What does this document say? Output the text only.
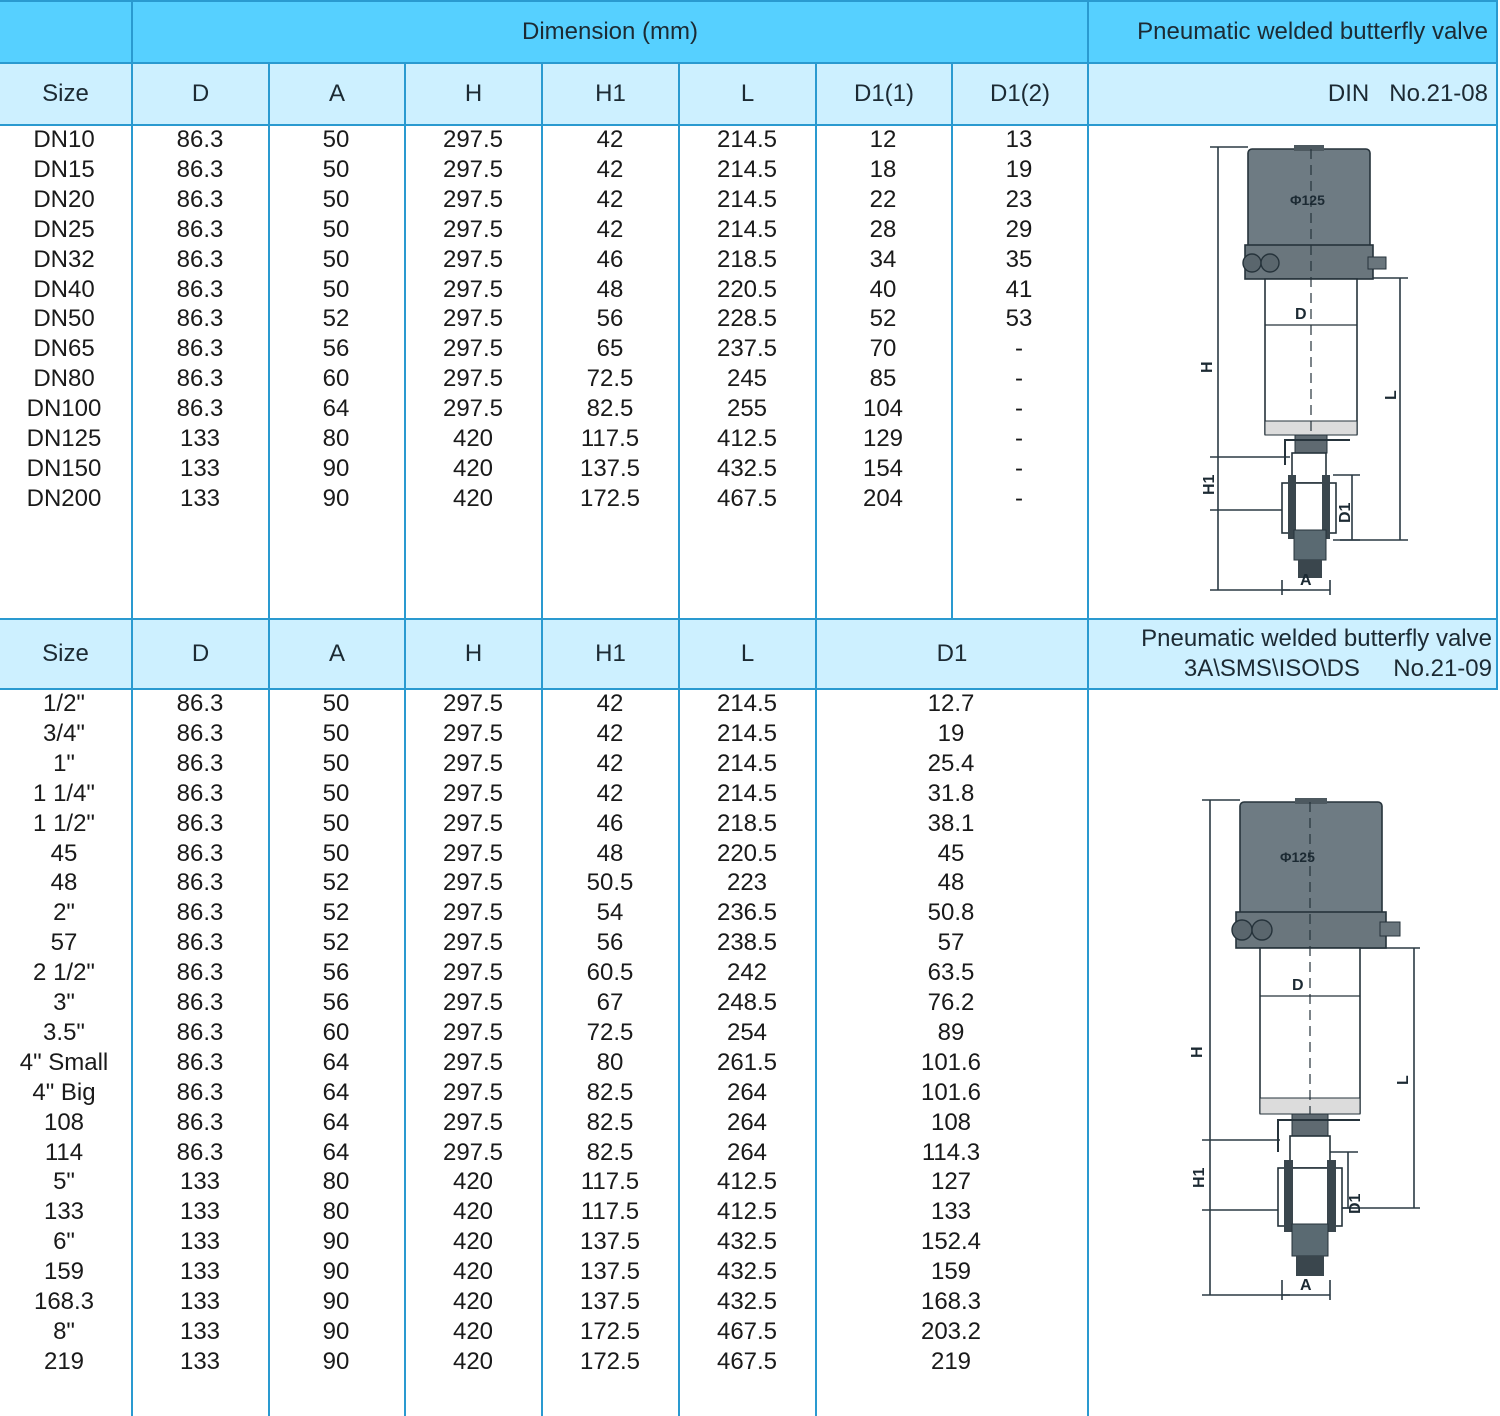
Dimension (mm)	Pneumatic welded butterfly valve
Size	D	A	H	H1	L	D1(1)	D1(2)	DIN No.21-08
DN10	86.3	50	297.5	42	214.5	12	13
DN15	86.3	50	297.5	42	214.5	18	19
DN20	86.3	50	297.5	42	214.5	22	23
DN25	86.3	50	297.5	42	214.5	28	29
DN32	86.3	50	297.5	46	218.5	34	35
DN40	86.3	50	297.5	48	220.5	40	41
DN50	86.3	52	297.5	56	228.5	52	53
DN65	86.3	56	297.5	65	237.5	70	-
DN80	86.3	60	297.5	72.5	245	85	-
DN100	86.3	64	297.5	82.5	255	104	-
DN125	133	80	420	117.5	412.5	129	-
DN150	133	90	420	137.5	432.5	154	-
DN200	133	90	420	172.5	467.5	204	-
Size	D	A	H	H1	L	D1
Pneumatic welded butterfly valve
3A\SMS\ISO\DS     No.21-09
1/2"	86.3	50	297.5	42	214.5	12.7
3/4"	86.3	50	297.5	42	214.5	19
1"	86.3	50	297.5	42	214.5	25.4
1 1/4"	86.3	50	297.5	42	214.5	31.8
1 1/2"	86.3	50	297.5	46	218.5	38.1
45	86.3	50	297.5	48	220.5	45
48	86.3	52	297.5	50.5	223	48
2"	86.3	52	297.5	54	236.5	50.8
57	86.3	52	297.5	56	238.5	57
2 1/2"	86.3	56	297.5	60.5	242	63.5
3"	86.3	56	297.5	67	248.5	76.2
3.5"	86.3	60	297.5	72.5	254	89
4" Small	86.3	64	297.5	80	261.5	101.6
4" Big	86.3	64	297.5	82.5	264	101.6
108	86.3	64	297.5	82.5	264	108
114	86.3	64	297.5	82.5	264	114.3
5"	133	80	420	117.5	412.5	127
133	133	80	420	117.5	412.5	133
6"	133	90	420	137.5	432.5	152.4
159	133	90	420	137.5	432.5	159
168.3	133	90	420	137.5	432.5	168.3
8"	133	90	420	172.5	467.5	203.2
219	133	90	420	172.5	467.5	219
Φ125
D
H
L
H1
D1
A
Φ125
D
H
L
H1
D1
A
